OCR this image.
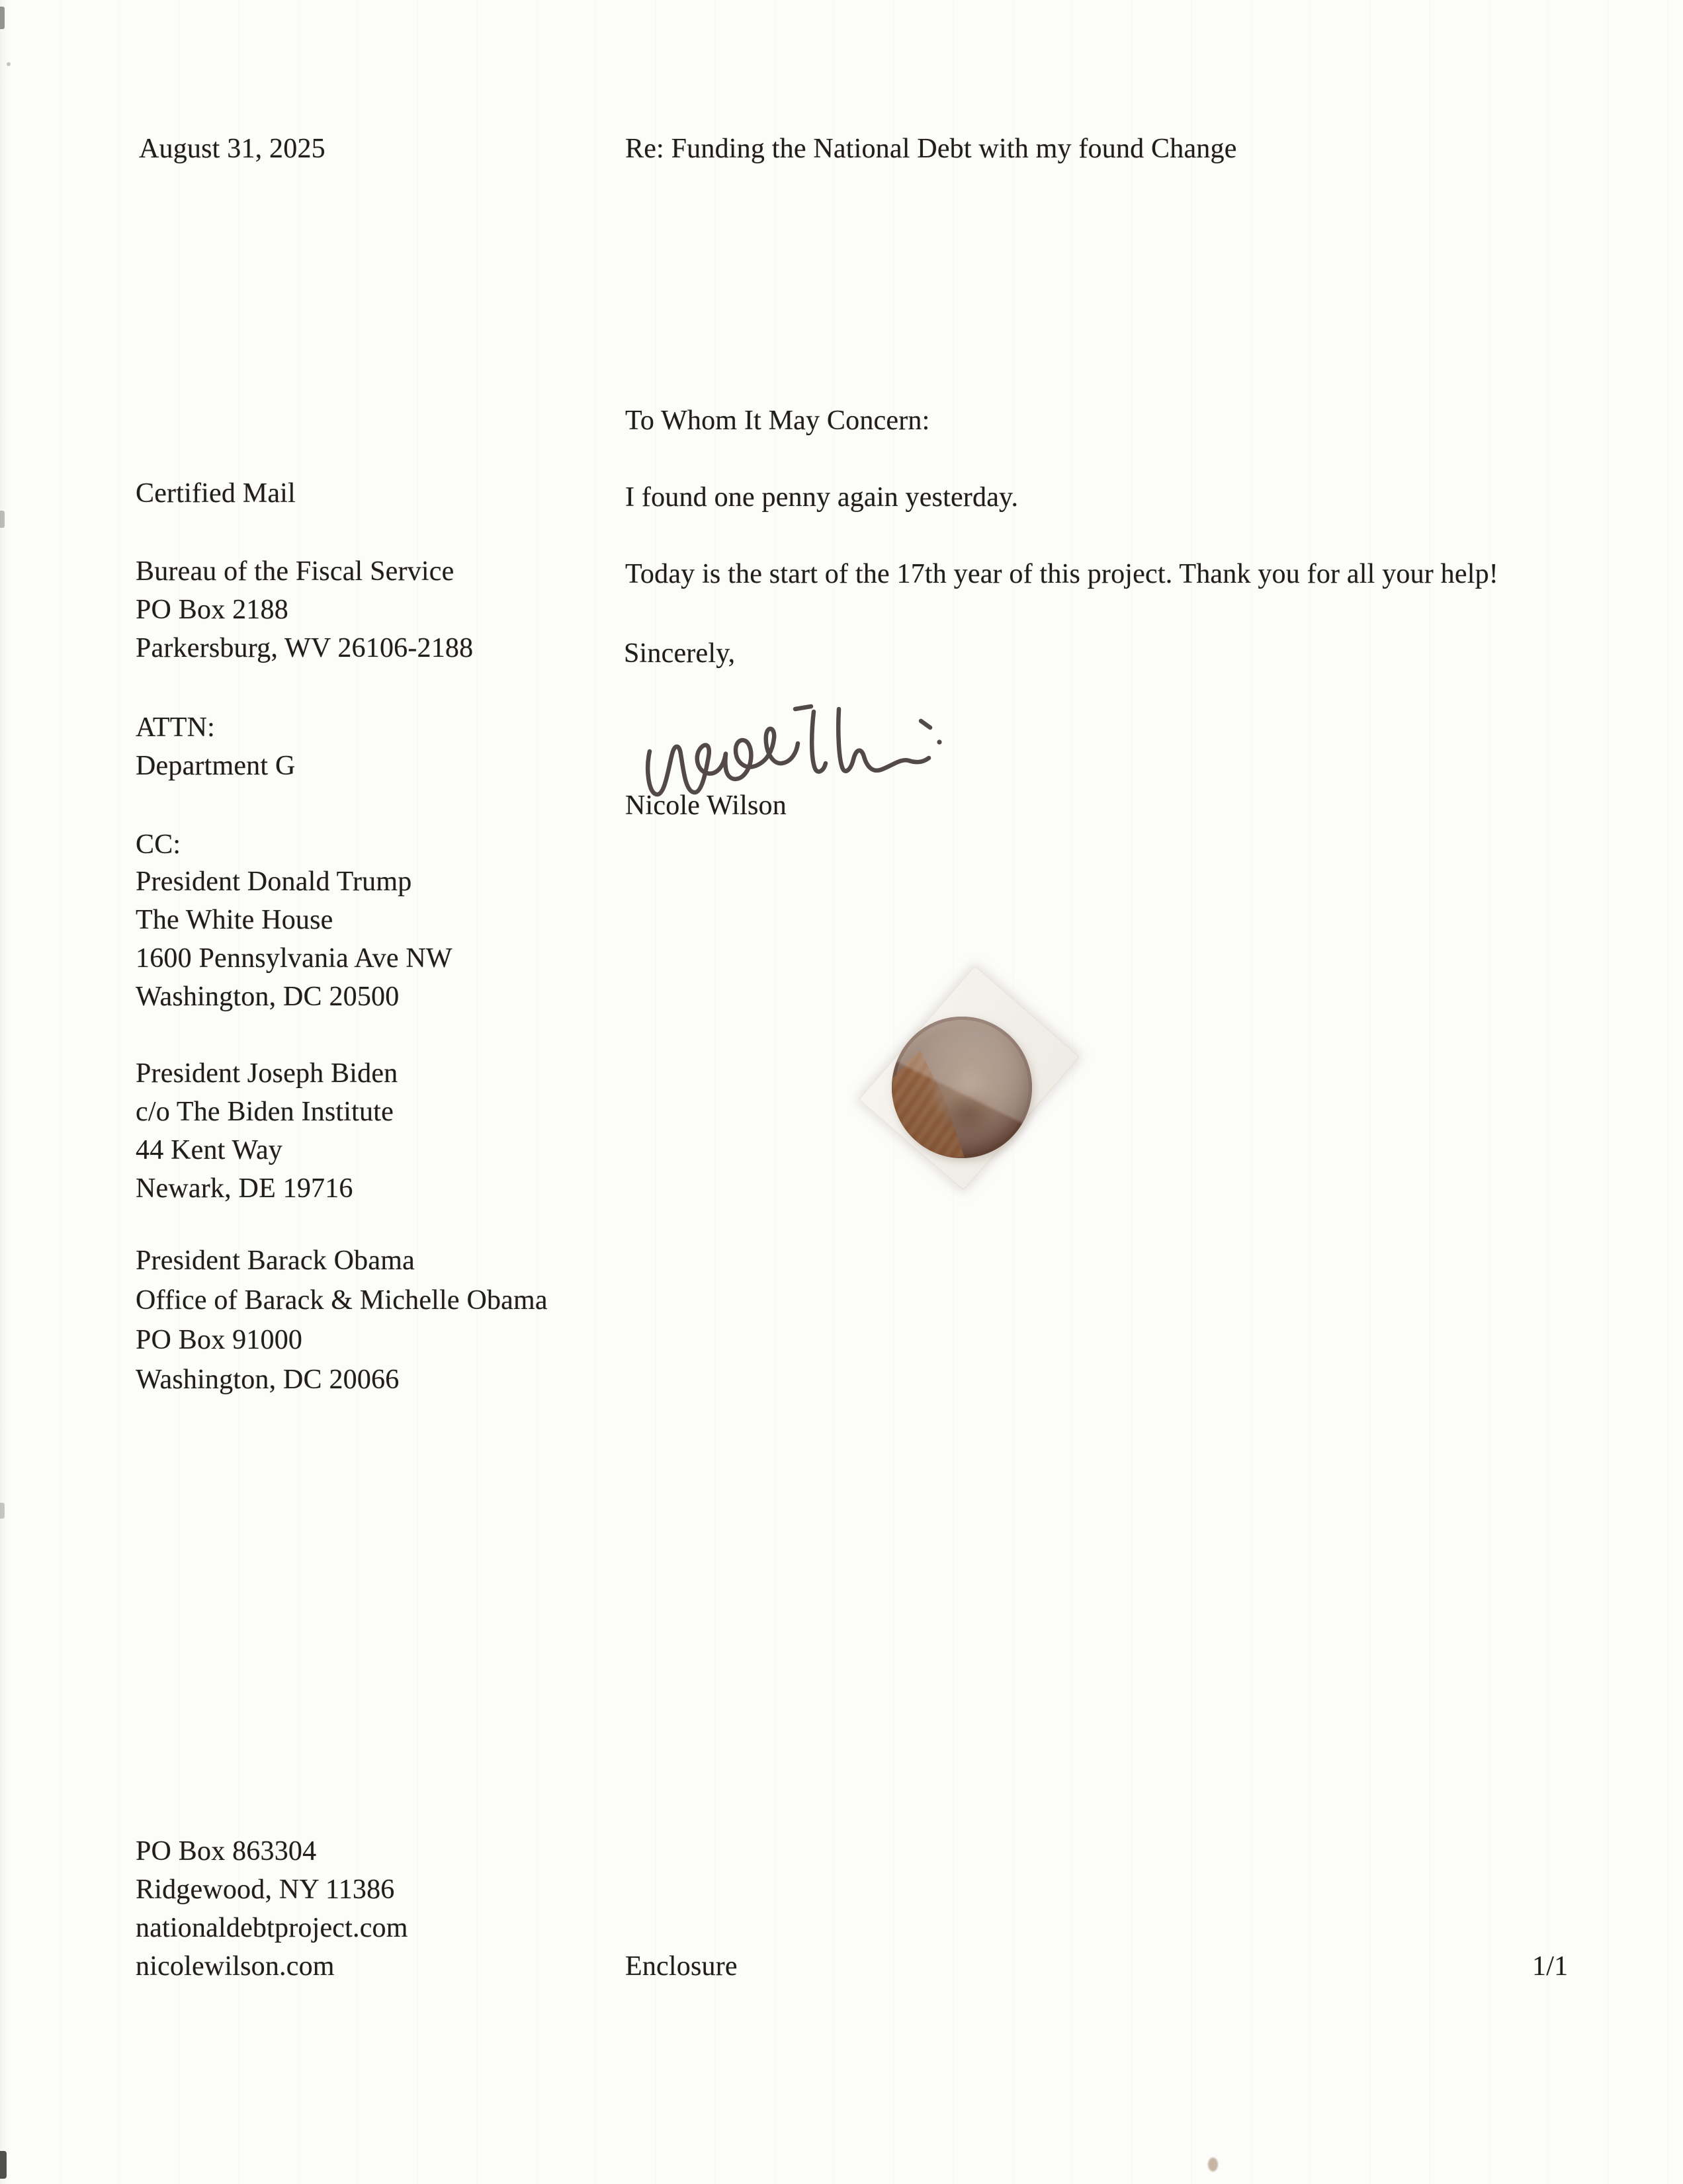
August 31, 2025	Re: Funding the National Debt with my found Change
Certified Mail
Bureau of the Fiscal Service
PO Box 2188
Parkersburg, WV 26106-2188
ATTN:
Department G
CC:
President Donald Trump
The White House
1600 Pennsylvania Ave NW
Washington, DC 20500
President Joseph Biden
c/o The Biden Institute
44 Kent Way
Newark, DE 19716
President Barack Obama
Office of Barack & Michelle Obama
PO Box 91000
Washington, DC 20066
To Whom It May Concern:
I found one penny again yesterday.
Today is the start of the 17th year of this project. Thank you for all your help!
Sincerely,
Nicole Wilson
PO Box 863304
Ridgewood, NY 11386
nationaldebtproject.com
nicolewilson.com	Enclosure	1/1
